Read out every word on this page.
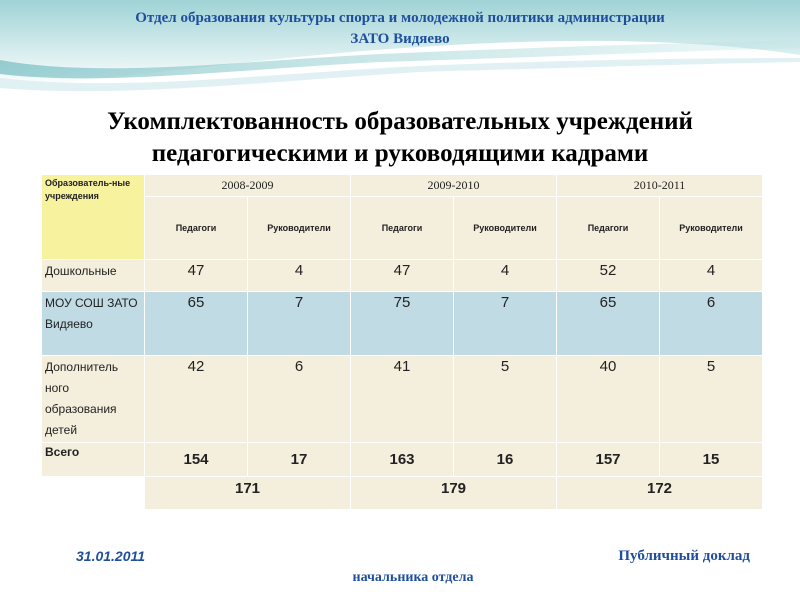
Отдел образования культуры спорта и молодежной политики администрации
ЗАТО Видяево
Укомплектованность образовательных учреждений
педагогическими и руководящими кадрами
Образователь-ные учреждения	2008-2009		2009-2010		2010-2011	
	Педагоги	Руководители	Педагоги	Руководители	Педагоги	Руководители
Дошкольные	47	4	47	4	52	4
МОУ СОШ ЗАТО Видяево	65	7	75	7	65	6
Дополнитель ного образования детей	42	6	41	5	40	5
Всего	154	17	163	16	157	15
	171		179		172	
31.01.2011	Публичный доклад
начальника отдела
